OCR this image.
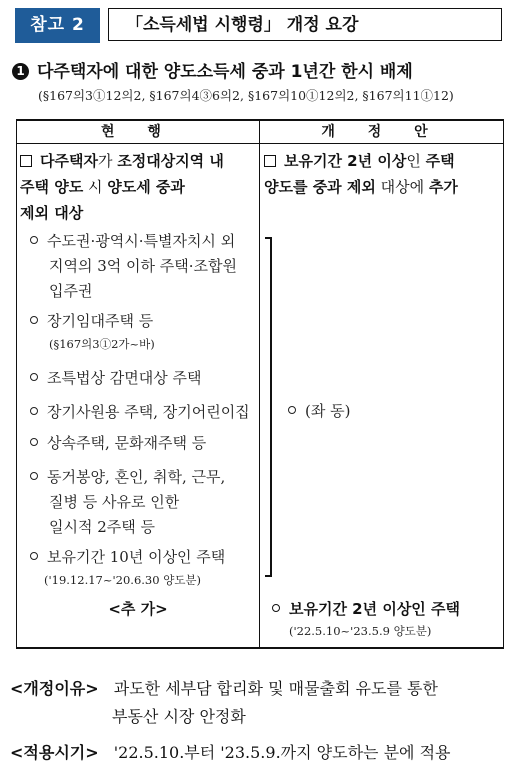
참고 2	「소득세법 시행령」 개정 요강
1 다주택자에 대한 양도소득세 중과 1년간 한시 배제
(§167의3①12의2, §167의4③6의2, §167의10①12의2, §167의11①12)
현 행	개 정 안
다주택자가 조정대상지역 내
주택 양도 시 양도세 중과
제외 대상
수도권·광역시·특별자치시 외
지역의 3억 이하 주택·조합원
입주권
장기임대주택 등
(§167의3①2가~바)
조특법상 감면대상 주택
장기사원용 주택, 장기어린이집
상속주택, 문화재주택 등
동거봉양, 혼인, 취학, 근무,
질병 등 사유로 인한
일시적 2주택 등
보유기간 10년 이상인 주택
('19.12.17~'20.6.30 양도분)
<추 가>
보유기간 2년 이상인 주택
양도를 중과 제외 대상에 추가
(좌 동)
보유기간 2년 이상인 주택
('22.5.10~'23.5.9 양도분)
<개정이유> 과도한 세부담 합리화 및 매물출회 유도를 통한
부동산 시장 안정화
<적용시기> '22.5.10.부터 '23.5.9.까지 양도하는 분에 적용
